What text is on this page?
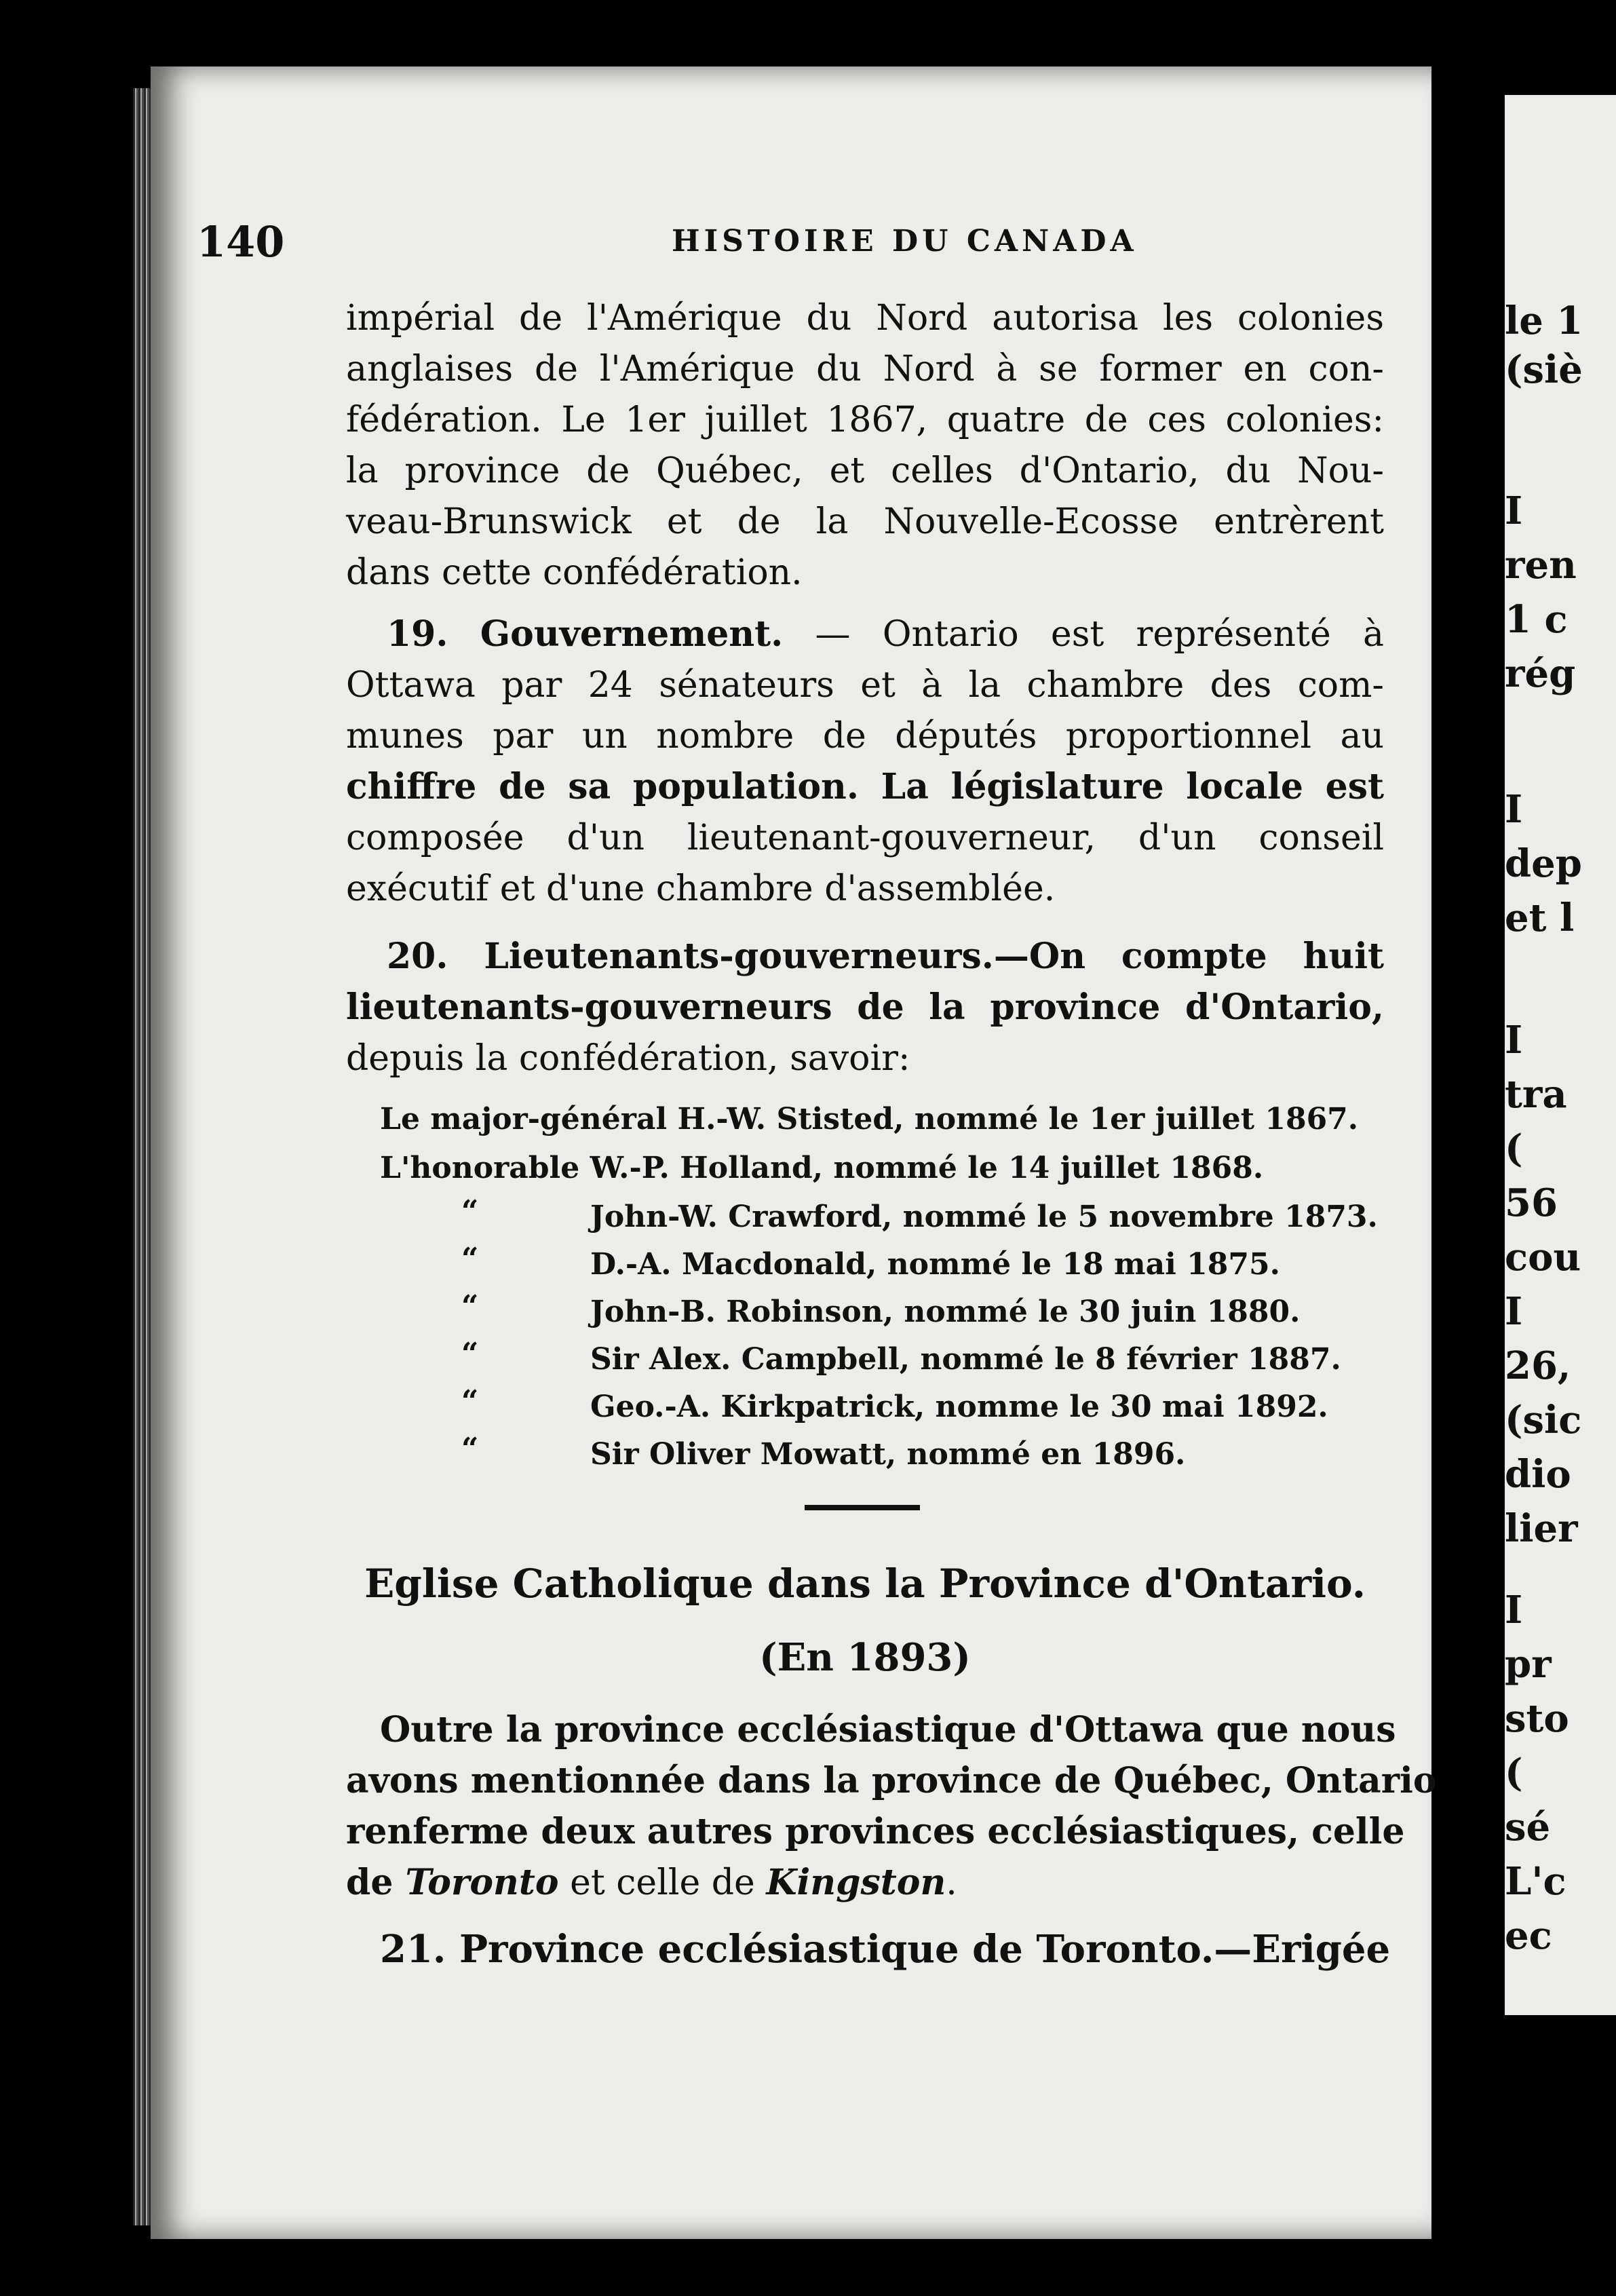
le 1
(siè
I
ren
1 c
rég
I
dep
et l
I
tra
(
56
cou
I
26,
(sic
dio
lier
I
pr
sto
(
sé
L'c
ec
140	HISTOIRE DU CANADA
impérial de l'Amérique du Nord autorisa les colonies
anglaises de l'Amérique du Nord à se former en con-
fédération. Le 1er juillet 1867, quatre de ces colonies:
la province de Québec, et celles d'Ontario, du Nou-
veau-Brunswick et de la Nouvelle-Ecosse entrèrent
dans cette confédération.
19. Gouvernement. — Ontario est représenté à
Ottawa par 24 sénateurs et à la chambre des com-
munes par un nombre de députés proportionnel au
chiffre de sa population. La législature locale est
composée d'un lieutenant-gouverneur, d'un conseil
exécutif et d'une chambre d'assemblée.
20. Lieutenants-gouverneurs.—On compte huit
lieutenants-gouverneurs de la province d'Ontario,
depuis la confédération, savoir:
Le major-général H.-W. Stisted, nommé le 1er juillet 1867.
L'honorable W.-P. Holland, nommé le 14 juillet 1868.
“	John-W. Crawford, nommé le 5 novembre 1873.
“	D.-A. Macdonald, nommé le 18 mai 1875.
“	John-B. Robinson, nommé le 30 juin 1880.
“	Sir Alex. Campbell, nommé le 8 février 1887.
“	Geo.-A. Kirkpatrick, nomme le 30 mai 1892.
“	Sir Oliver Mowatt, nommé en 1896.
Eglise Catholique dans la Province d'Ontario.
(En 1893)
Outre la province ecclésiastique d'Ottawa que nous
avons mentionnée dans la province de Québec, Ontario
renferme deux autres provinces ecclésiastiques, celle
de Toronto et celle de Kingston.
21. Province ecclésiastique de Toronto.—Erigée
